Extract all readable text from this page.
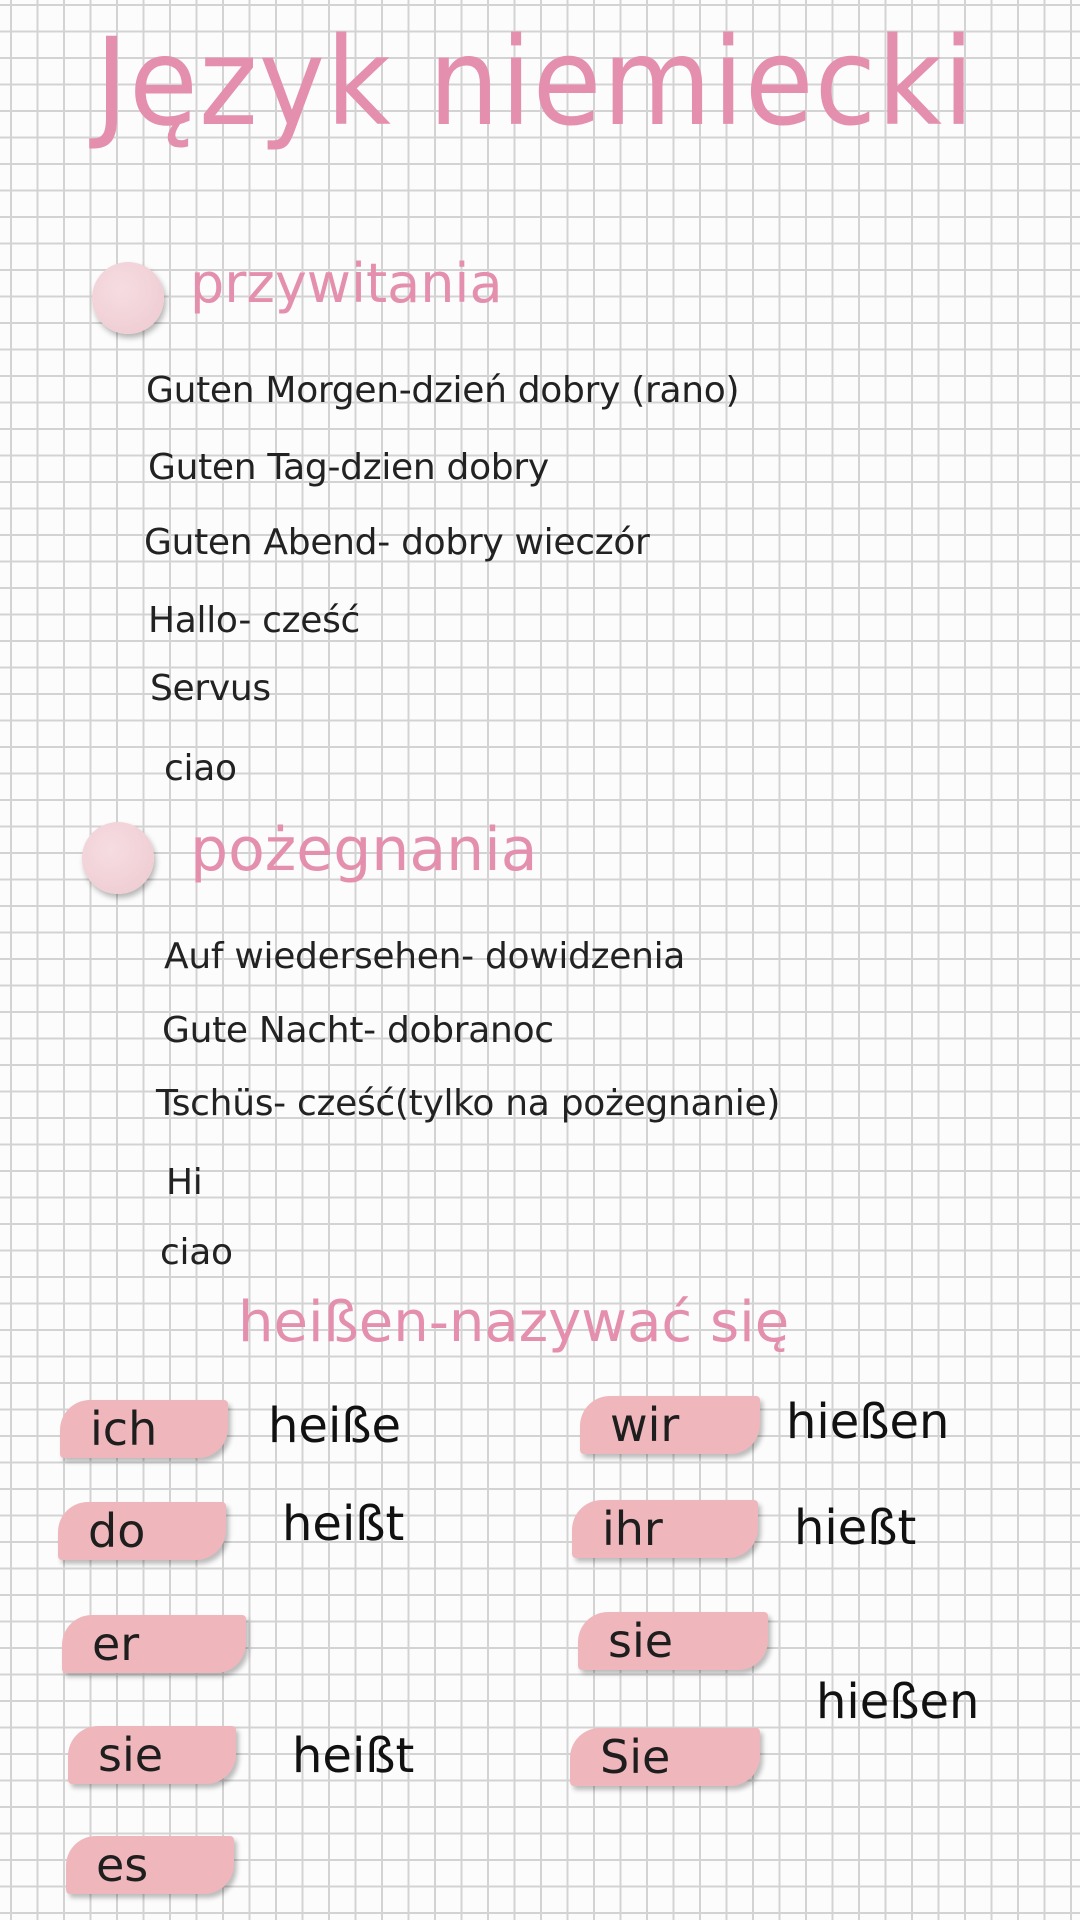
Język niemiecki
przywitania
Guten Morgen-dzień dobry (rano)
Guten Tag-dzien dobry
Guten Abend- dobry wieczór
Hallo- cześć
Servus
ciao
pożegnania
Auf wiedersehen- dowidzenia
Gute Nacht- dobranoc
Tschüs- cześć(tylko na pożegnanie)
Hi
ciao
heißen-nazywać się
ich
do
er
sie
es
heiße
heißt
heißt
wir
ihr
sie
Sie
hießen
hießt
hießen
